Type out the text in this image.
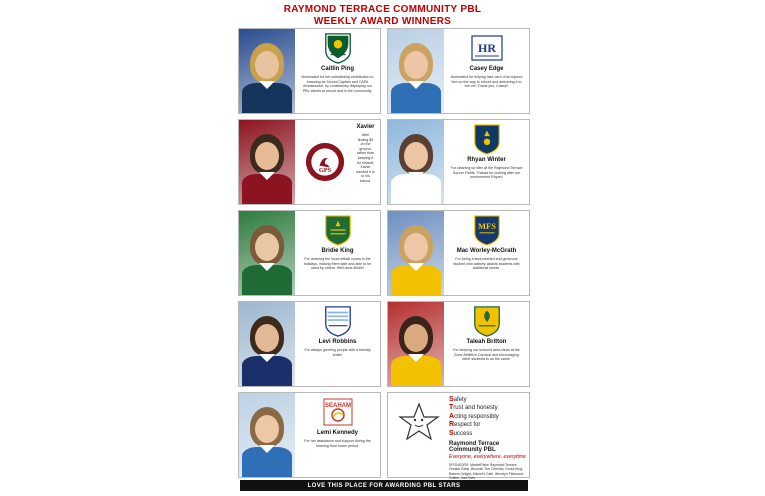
RAYMOND TERRACE COMMUNITY PBL
WEEKLY AWARD WINNERS
Caitlin Ping
Nominated for her outstanding contribution to Irrawang as School Captain and CAPA Ambassador, by consistently displaying our PBL values at school and in the community.
HR
Casey Edge
Nominated for helping take care of an injured bird on the way to school and delivering it to the vet. Thank you, Casey!!
GPS
Xavier
After finding $5 on the ground, rather than keeping it for himself, Xavier handed it in to his school.
Rhyan Winter
For cleaning up litter at the Raymond Terrace Soccer Fields. Thanks for looking after our environment Rhyan!
Bridie King
For cleaning the local netball courts in the holidays, making them safe and able to be used by others. Well done Bridie!
MFS
Mac Worley-McGrath
For being a kind-hearted and generous student who actively assists students with additional needs.
Levi Robbins
For always greeting people with a friendly smile!
Taleah Britton
For keeping our school's area clean at the Zone Athletics Carnival and encouraging other students to do the same.
SEAHAM
Lemi Kennedy
For her assistance and support during the learning from home period.
Safety
Trust and honesty
Acting responsibly
Respect for
Success
Raymond Terrace Community PBL
Everyone, everywhere, everytime
SPONSORS: MarketPlace Raymond Terrace, Greater Bank, Bloomin The Chemist, Donut King, Bakers Delight, Michel's Cafe, Wendy's Fibonacci Coffee, Just Cuts.
LOVE THIS PLACE FOR AWARDING PBL STARS
